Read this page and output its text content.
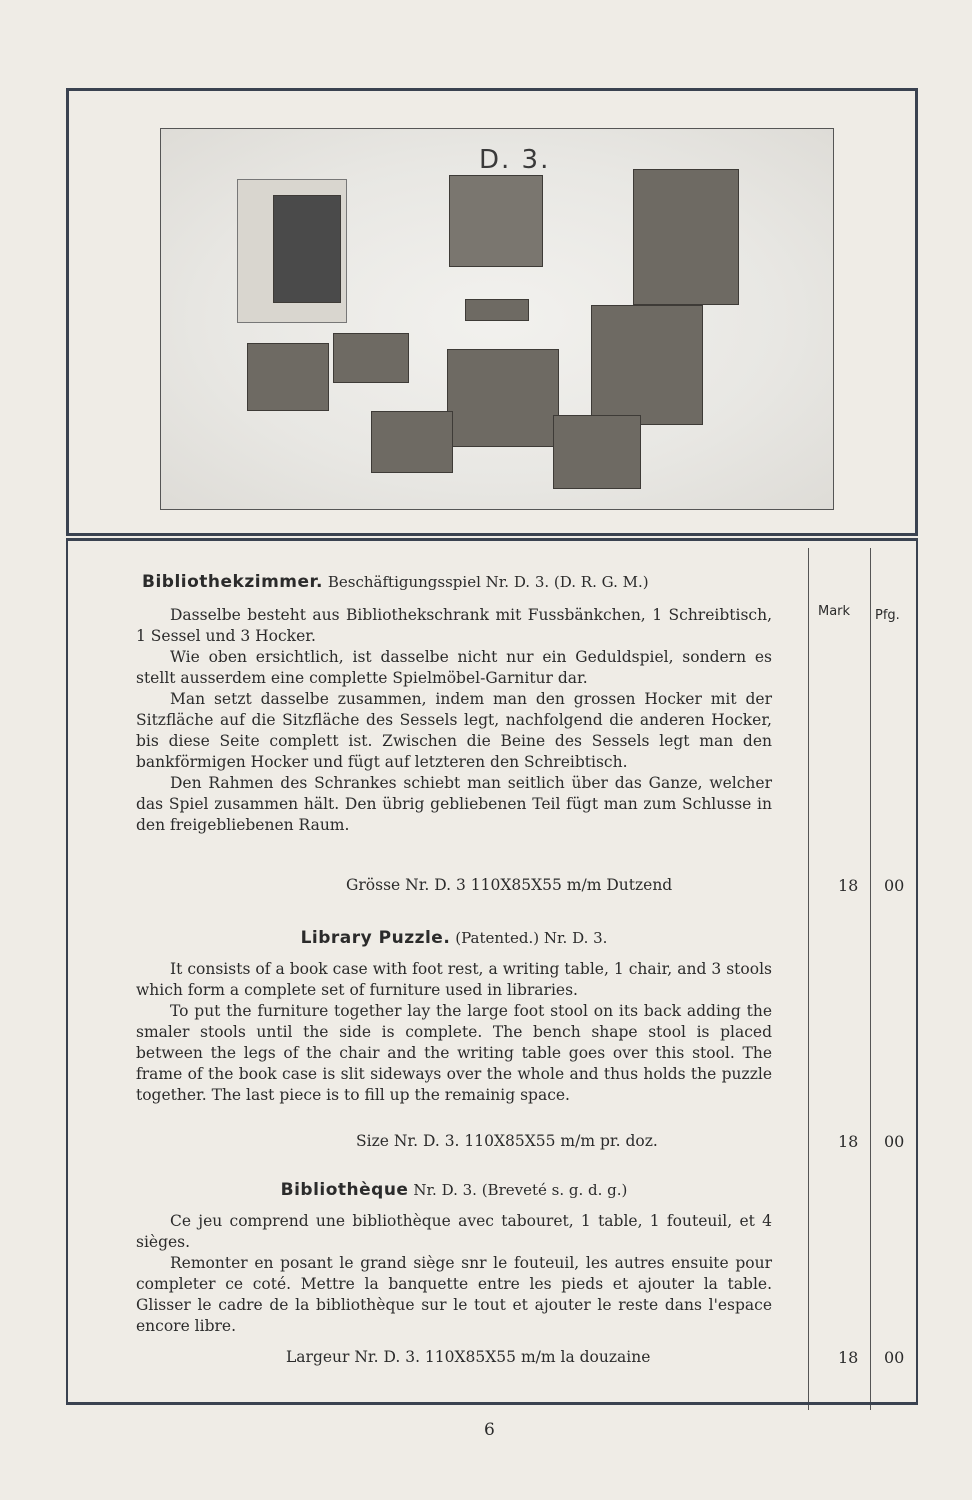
D. 3.
Mark Pfg.
Bibliothekzimmer. Beschäftigungsspiel Nr. D. 3. (D. R. G. M.)

Dasselbe besteht aus Bibliothekschrank mit Fussbänkchen, 1 Schreibtisch, 1 Sessel und 3 Hocker.

Wie oben ersichtlich, ist dasselbe nicht nur ein Geduldspiel, sondern es stellt ausserdem eine complette Spielmöbel-Garnitur dar.

Man setzt dasselbe zusammen, indem man den grossen Hocker mit der Sitzfläche auf die Sitzfläche des Sessels legt, nachfolgend die anderen Hocker, bis diese Seite complett ist. Zwischen die Beine des Sessels legt man den bankförmigen Hocker und fügt auf letzteren den Schreibtisch.

Den Rahmen des Schrankes schiebt man seitlich über das Ganze, welcher das Spiel zusammen hält. Den übrig gebliebenen Teil fügt man zum Schlusse in den freigebliebenen Raum.

Grösse Nr. D. 3 110X85X55 m/m Dutzend	18 00
Library Puzzle. (Patented.) Nr. D. 3.

It consists of a book case with foot rest, a writing table, 1 chair, and 3 stools which form a complete set of furniture used in libraries.

To put the furniture together lay the large foot stool on its back adding the smaler stools until the side is complete. The bench shape stool is placed between the legs of the chair and the writing table goes over this stool. The frame of the book case is slit sideways over the whole and thus holds the puzzle together. The last piece is to fill up the remainig space.

Size Nr. D. 3. 110X85X55 m/m pr. doz.	18 00
Bibliothèque Nr. D. 3. (Breveté s. g. d. g.)

Ce jeu comprend une bibliothèque avec tabouret, 1 table, 1 fouteuil, et 4 sièges.

Remonter en posant le grand siège snr le fouteuil, les autres ensuite pour completer ce coté. Mettre la banquette entre les pieds et ajouter la table. Glisser le cadre de la bibliothèque sur le tout et ajouter le reste dans l'espace encore libre.

Largeur Nr. D. 3. 110X85X55 m/m la douzaine	18 00
6
